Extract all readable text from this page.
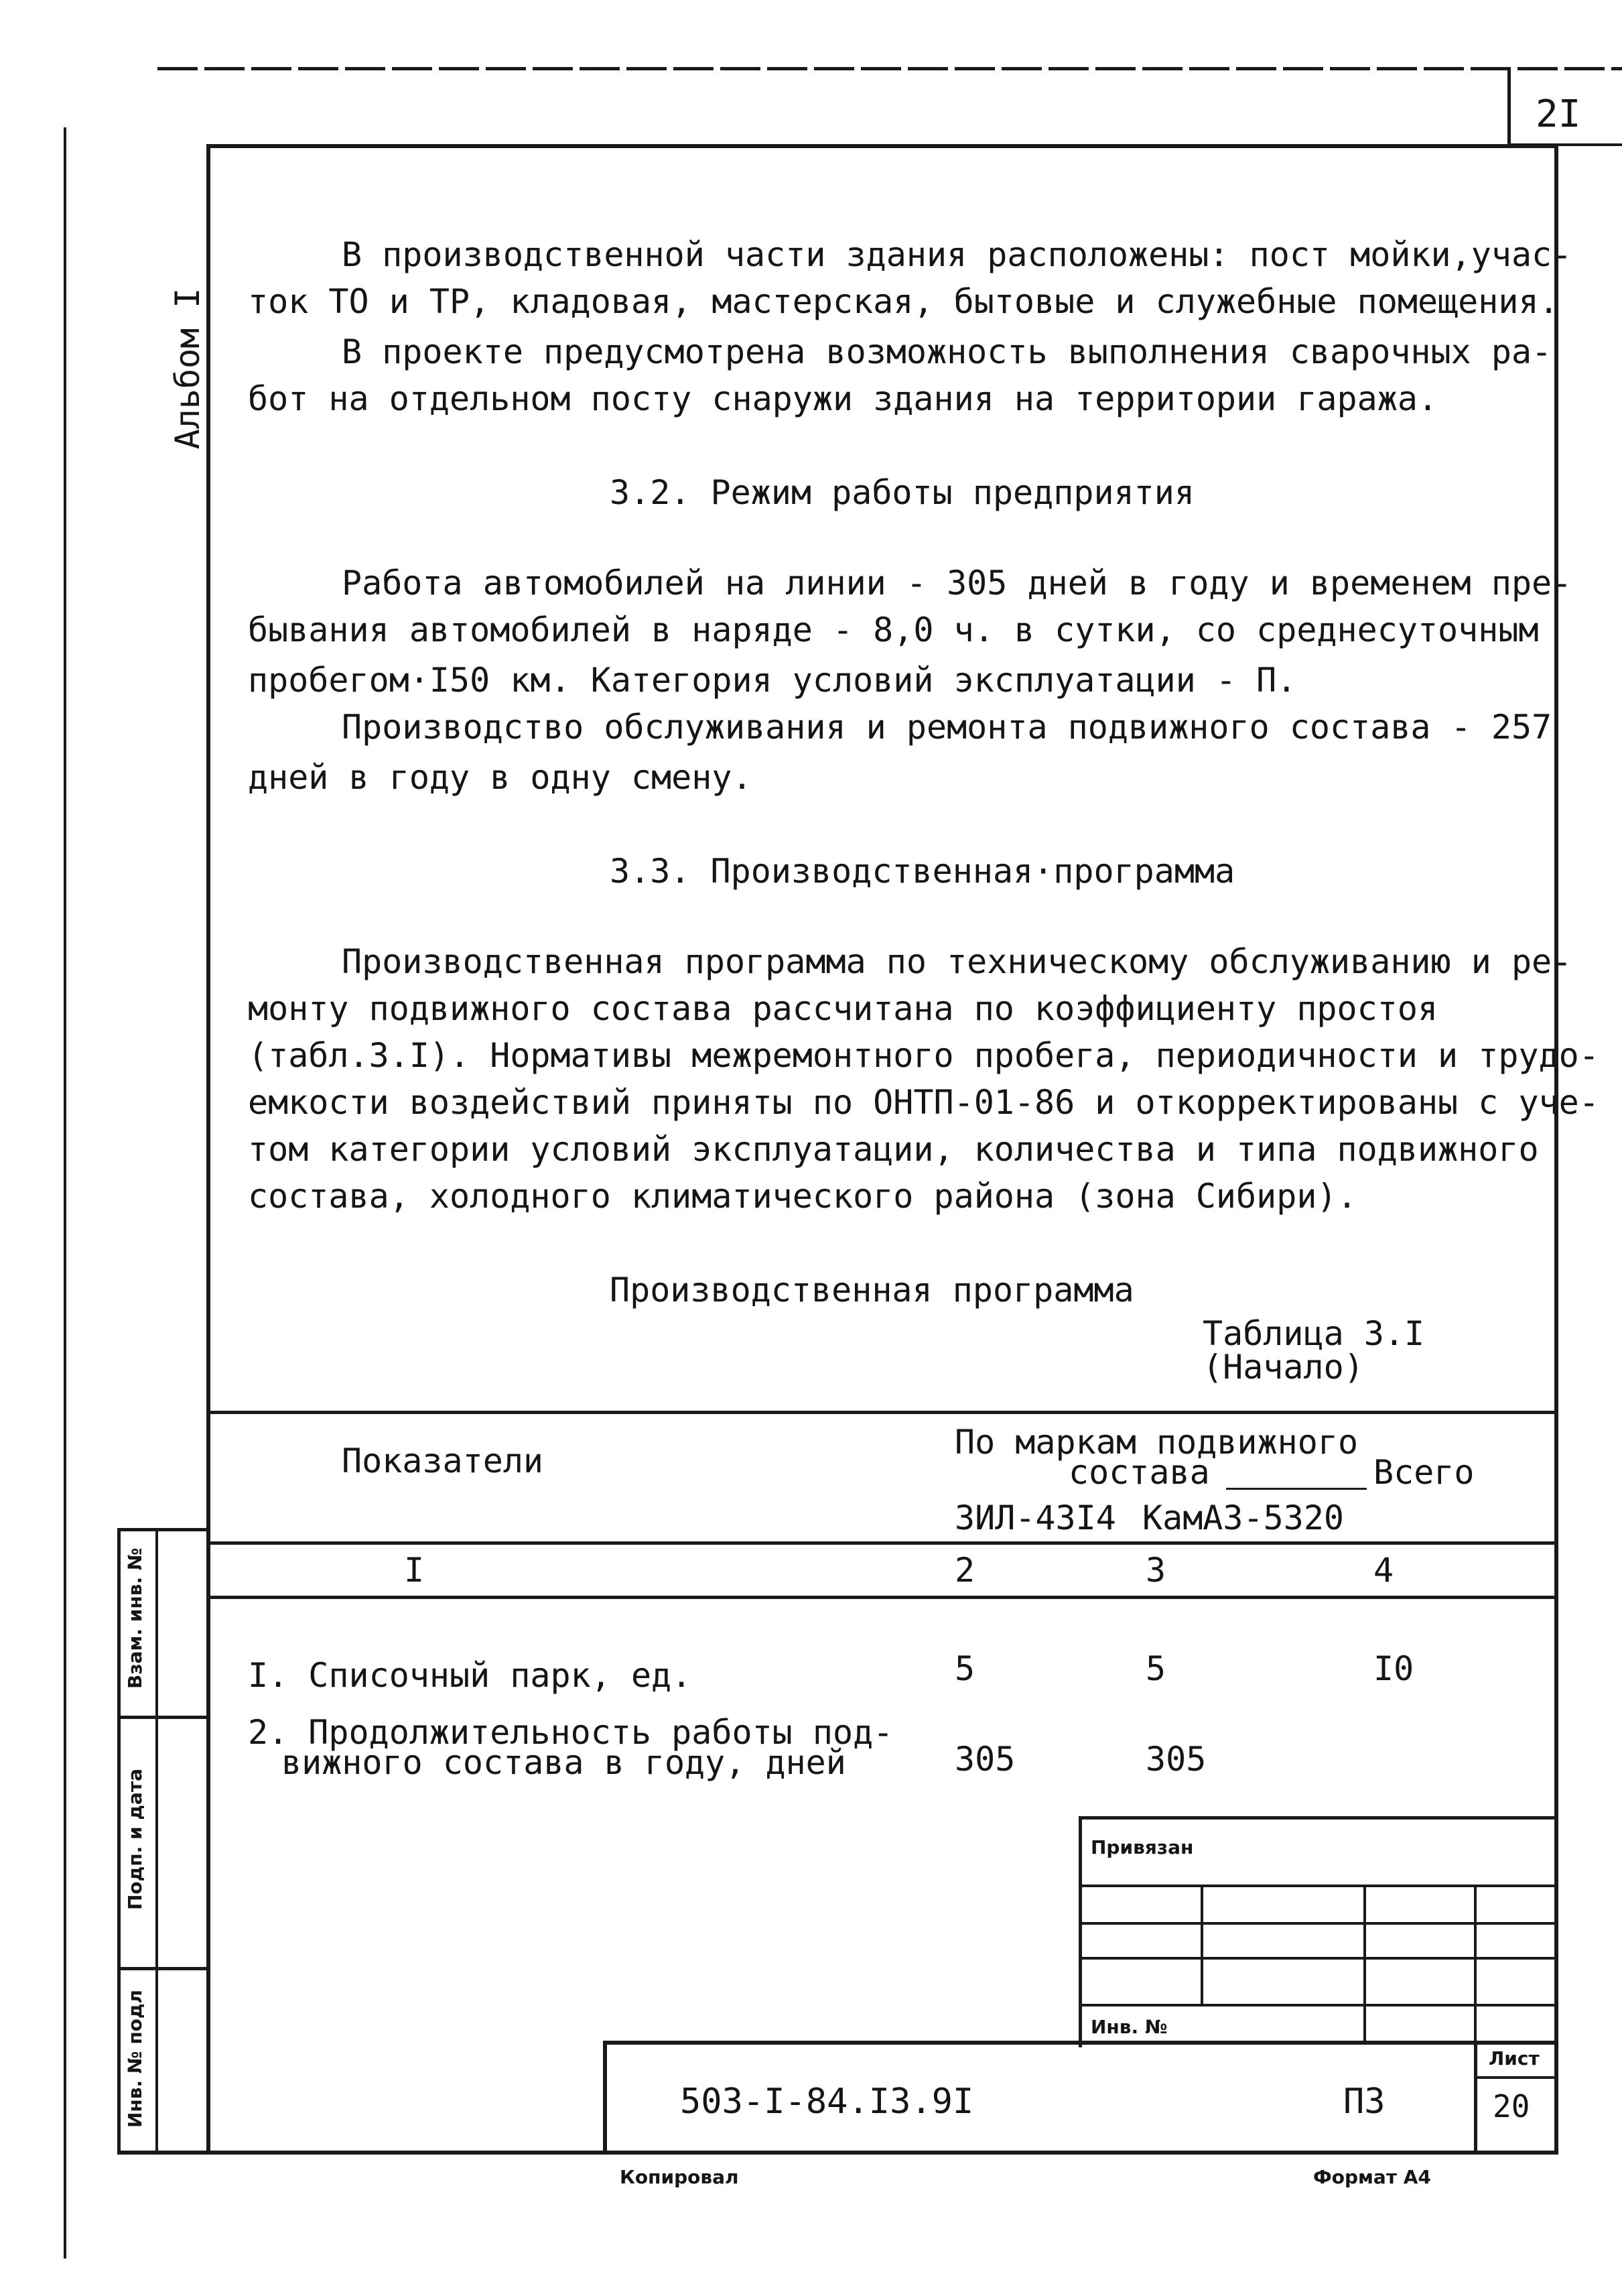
2I
Альбом I
В производственной части здания расположены: пост мойки,учас-
ток ТО и ТР, кладовая, мастерская, бытовые и служебные помещения.
В проекте предусмотрена возможность выполнения сварочных ра-
бот на отдельном посту снаружи здания на территории гаража.
3.2. Режим работы предприятия
Работа автомобилей на линии - 305 дней в году и временем пре-
бывания автомобилей в наряде - 8,0 ч. в сутки, со среднесуточным
пробегом·I50 км. Категория условий эксплуатации - П.
Производство обслуживания и ремонта подвижного состава - 257
дней в году в одну смену.
3.3. Производственная·программа
Производственная программа по техническому обслуживанию и ре-
монту подвижного состава рассчитана по коэффициенту простоя
(табл.3.I). Нормативы межремонтного пробега, периодичности и трудо-
емкости воздействий приняты по ОНТП-01-86 и откорректированы с уче-
том категории условий эксплуатации, количества и типа подвижного
состава, холодного климатического района (зона Сибири).
Производственная программа
Таблица 3.I
(Начало)
Показатели	По маркам подвижного
состава	Всего
ЗИЛ-43I4 КамАЗ-5320
I	2	3	4
I. Списочный парк, ед.	5	5	I0
2. Продолжительность работы под-
вижного состава в году, дней	305	305
Привязан
Инв. №
503-I-84.I3.9I	ПЗ
Лист
20
Взам. инв. №
Подп. и дата
Инв. № подл
Копировал	Формат А4
